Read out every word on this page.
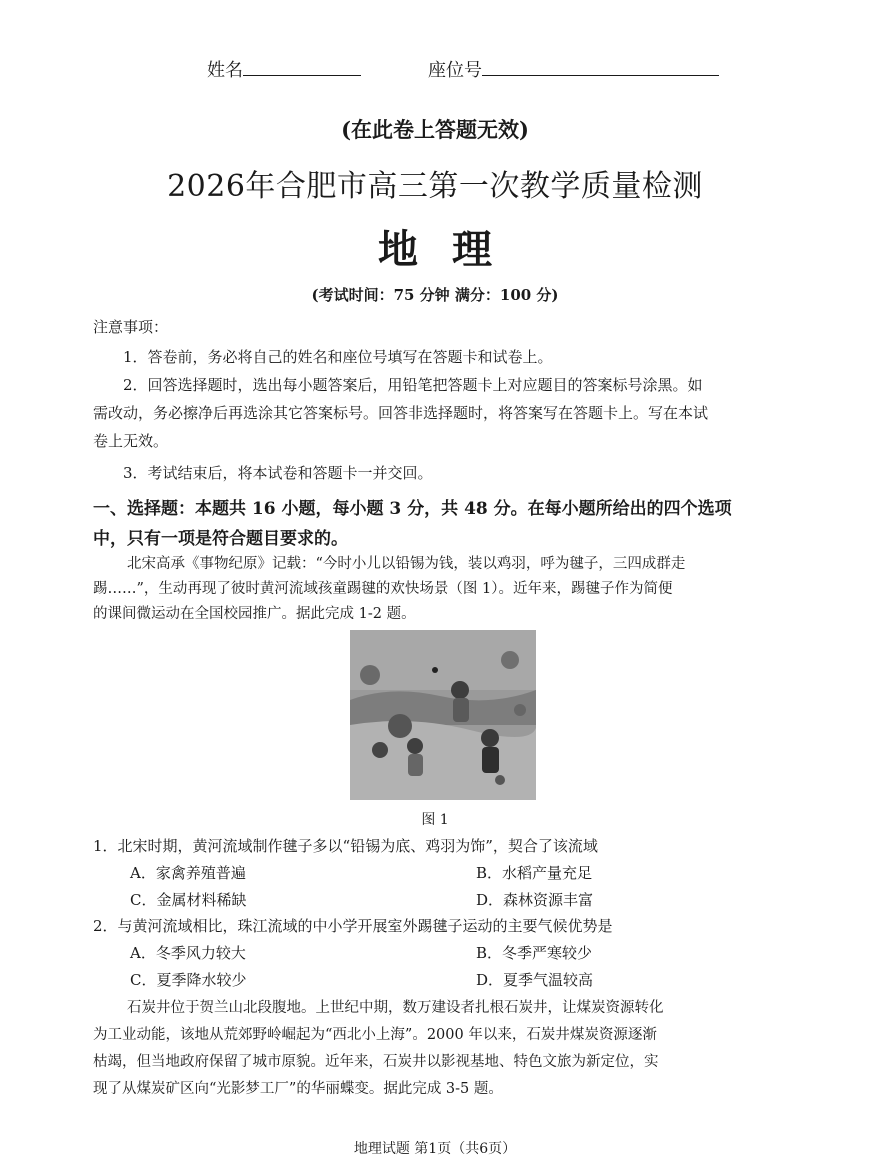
姓名	座位号
(在此卷上答题无效)
2026年合肥市高三第一次教学质量检测
地理
(考试时间：75 分钟 满分：100 分)
注意事项：
1．答卷前，务必将自己的姓名和座位号填写在答题卡和试卷上。
2．回答选择题时，选出每小题答案后，用铅笔把答题卡上对应题目的答案标号涂黑。如
需改动，务必擦净后再选涂其它答案标号。回答非选择题时，将答案写在答题卡上。写在本试
卷上无效。
3．考试结束后，将本试卷和答题卡一并交回。
一、选择题：本题共 16 小题，每小题 3 分，共 48 分。在每小题所给出的四个选项
中，只有一项是符合题目要求的。
北宋高承《事物纪原》记载：“今时小儿以铅锡为钱，装以鸡羽，呼为毽子，三四成群走
踢……”，生动再现了彼时黄河流域孩童踢毽的欢快场景（图 1）。近年来，踢毽子作为简便
的课间微运动在全国校园推广。据此完成 1-2 题。
图 1
1．北宋时期，黄河流域制作毽子多以“铅锡为底、鸡羽为饰”，契合了该流域
A．家禽养殖普遍	B．水稻产量充足
C．金属材料稀缺	D．森林资源丰富
2．与黄河流域相比，珠江流域的中小学开展室外踢毽子运动的主要气候优势是
A．冬季风力较大	B．冬季严寒较少
C．夏季降水较少	D．夏季气温较高
石炭井位于贺兰山北段腹地。上世纪中期，数万建设者扎根石炭井，让煤炭资源转化
为工业动能，该地从荒郊野岭崛起为“西北小上海”。2000 年以来，石炭井煤炭资源逐渐
枯竭，但当地政府保留了城市原貌。近年来，石炭井以影视基地、特色文旅为新定位，实
现了从煤炭矿区向“光影梦工厂”的华丽蝶变。据此完成 3-5 题。
地理试题 第1页（共6页）
